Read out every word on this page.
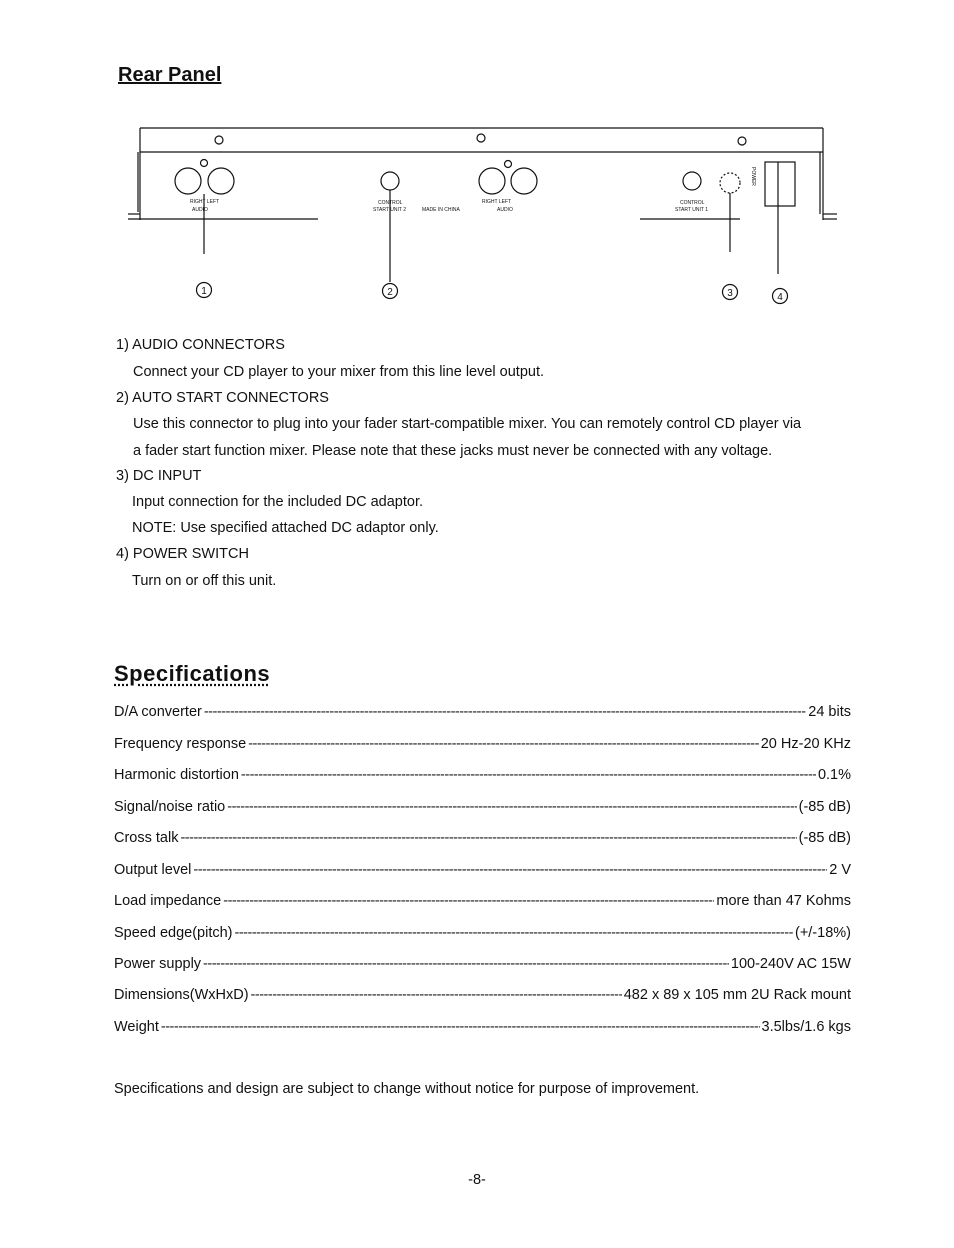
Rear Panel
RIGHT LEFT
AUDIO
CONTROL
START UNIT 2	MADE IN CHINA
RIGHT LEFT
AUDIO
CONTROL
START UNIT 1
POWER
1	2	3	4
1) AUDIO CONNECTORS
Connect your CD player to your mixer from this line level output.
2) AUTO START CONNECTORS
Use this connector to plug into your fader start-compatible mixer. You can remotely control CD player via
a fader start function mixer. Please note that these jacks must never be connected with any voltage.
3) DC INPUT
Input connection for the included DC adaptor.
NOTE: Use specified attached DC adaptor only.
4) POWER SWITCH
Turn on or off this unit.
Specifications
D/A converter -----	24 bits
Frequency response -----	20 Hz-20 KHz
Harmonic distortion -----	0.1%
Signal/noise ratio -----	(-85 dB)
Cross talk -----	(-85 dB)
Output level -----	2 V
Load impedance -----	more than 47 Kohms
Speed edge(pitch) -----	(+/-18%)
Power supply -----	100-240V AC 15W
Dimensions(WxHxD) -----	482 x 89 x 105 mm 2U Rack mount
Weight -----	3.5lbs/1.6 kgs
Specifications and design are subject to change without notice for purpose of improvement.
-8-
